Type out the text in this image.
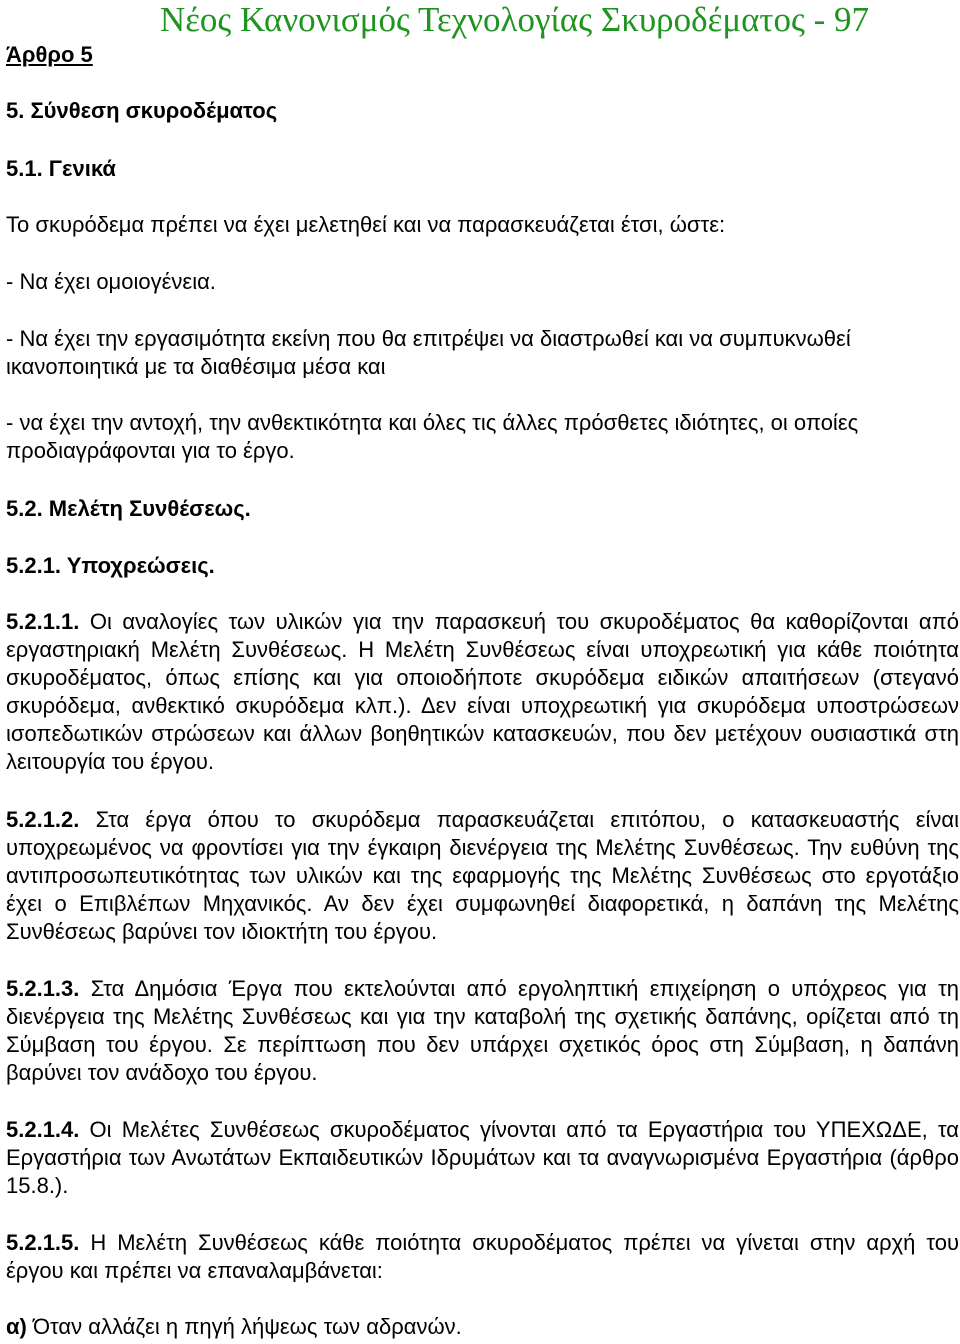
Νέος Κανονισμός Τεχνολογίας Σκυροδέματος - 97

Άρθρο 5

5. Σύνθεση σκυροδέματος

5.1. Γενικά

Το σκυρόδεμα πρέπει να έχει μελετηθεί και να παρασκευάζεται έτσι, ώστε:

- Να έχει ομοιογένεια.

- Να έχει την εργασιμότητα εκείνη που θα επιτρέψει να διαστρωθεί και να συμπυκνωθεί ικανοποιητικά με τα διαθέσιμα μέσα και

- να έχει την αντοχή, την ανθεκτικότητα και όλες τις άλλες πρόσθετες ιδιότητες, οι οποίες προδιαγράφονται για το έργο.

5.2. Μελέτη Συνθέσεως.

5.2.1. Υποχρεώσεις.

5.2.1.1. Οι αναλογίες των υλικών για την παρασκευή του σκυροδέματος θα καθορίζονται από εργαστηριακή Μελέτη Συνθέσεως. Η Μελέτη Συνθέσεως είναι υποχρεωτική για κάθε ποιότητα σκυροδέματος, όπως επίσης και για οποιοδήποτε σκυρόδεμα ειδικών απαιτήσεων (στεγανό σκυρόδεμα, ανθεκτικό σκυρόδεμα κλπ.). Δεν είναι υποχρεωτική για σκυρόδεμα υποστρώσεων ισοπεδωτικών στρώσεων και άλλων βοηθητικών κατασκευών, που δεν μετέχουν ουσιαστικά στη λειτουργία του έργου.

5.2.1.2. Στα έργα όπου το σκυρόδεμα παρασκευάζεται επιτόπου, ο κατασκευαστής είναι υποχρεωμένος να φροντίσει για την έγκαιρη διενέργεια της Μελέτης Συνθέσεως. Την ευθύνη της αντιπροσωπευτικότητας των υλικών και της εφαρμογής της Μελέτης Συνθέσεως στο εργοτάξιο έχει ο Επιβλέπων Μηχανικός. Αν δεν έχει συμφωνηθεί διαφορετικά, η δαπάνη της Μελέτης Συνθέσεως βαρύνει τον ιδιοκτήτη του έργου.

5.2.1.3. Στα Δημόσια Έργα που εκτελούνται από εργοληπτική επιχείρηση ο υπόχρεος για τη διενέργεια της Μελέτης Συνθέσεως και για την καταβολή της σχετικής δαπάνης, ορίζεται από τη Σύμβαση του έργου. Σε περίπτωση που δεν υπάρχει σχετικός όρος στη Σύμβαση, η δαπάνη βαρύνει τον ανάδοχο του έργου.

5.2.1.4. Οι Μελέτες Συνθέσεως σκυροδέματος γίνονται από τα Εργαστήρια του ΥΠΕΧΩΔΕ, τα Εργαστήρια των Ανωτάτων Εκπαιδευτικών Ιδρυμάτων και τα αναγνωρισμένα Εργαστήρια (άρθρο 15.8.).

5.2.1.5. Η Μελέτη Συνθέσεως κάθε ποιότητα σκυροδέματος πρέπει να γίνεται στην αρχή του έργου και πρέπει να επαναλαμβάνεται:

α) Όταν αλλάζει η πηγή λήψεως των αδρανών.
